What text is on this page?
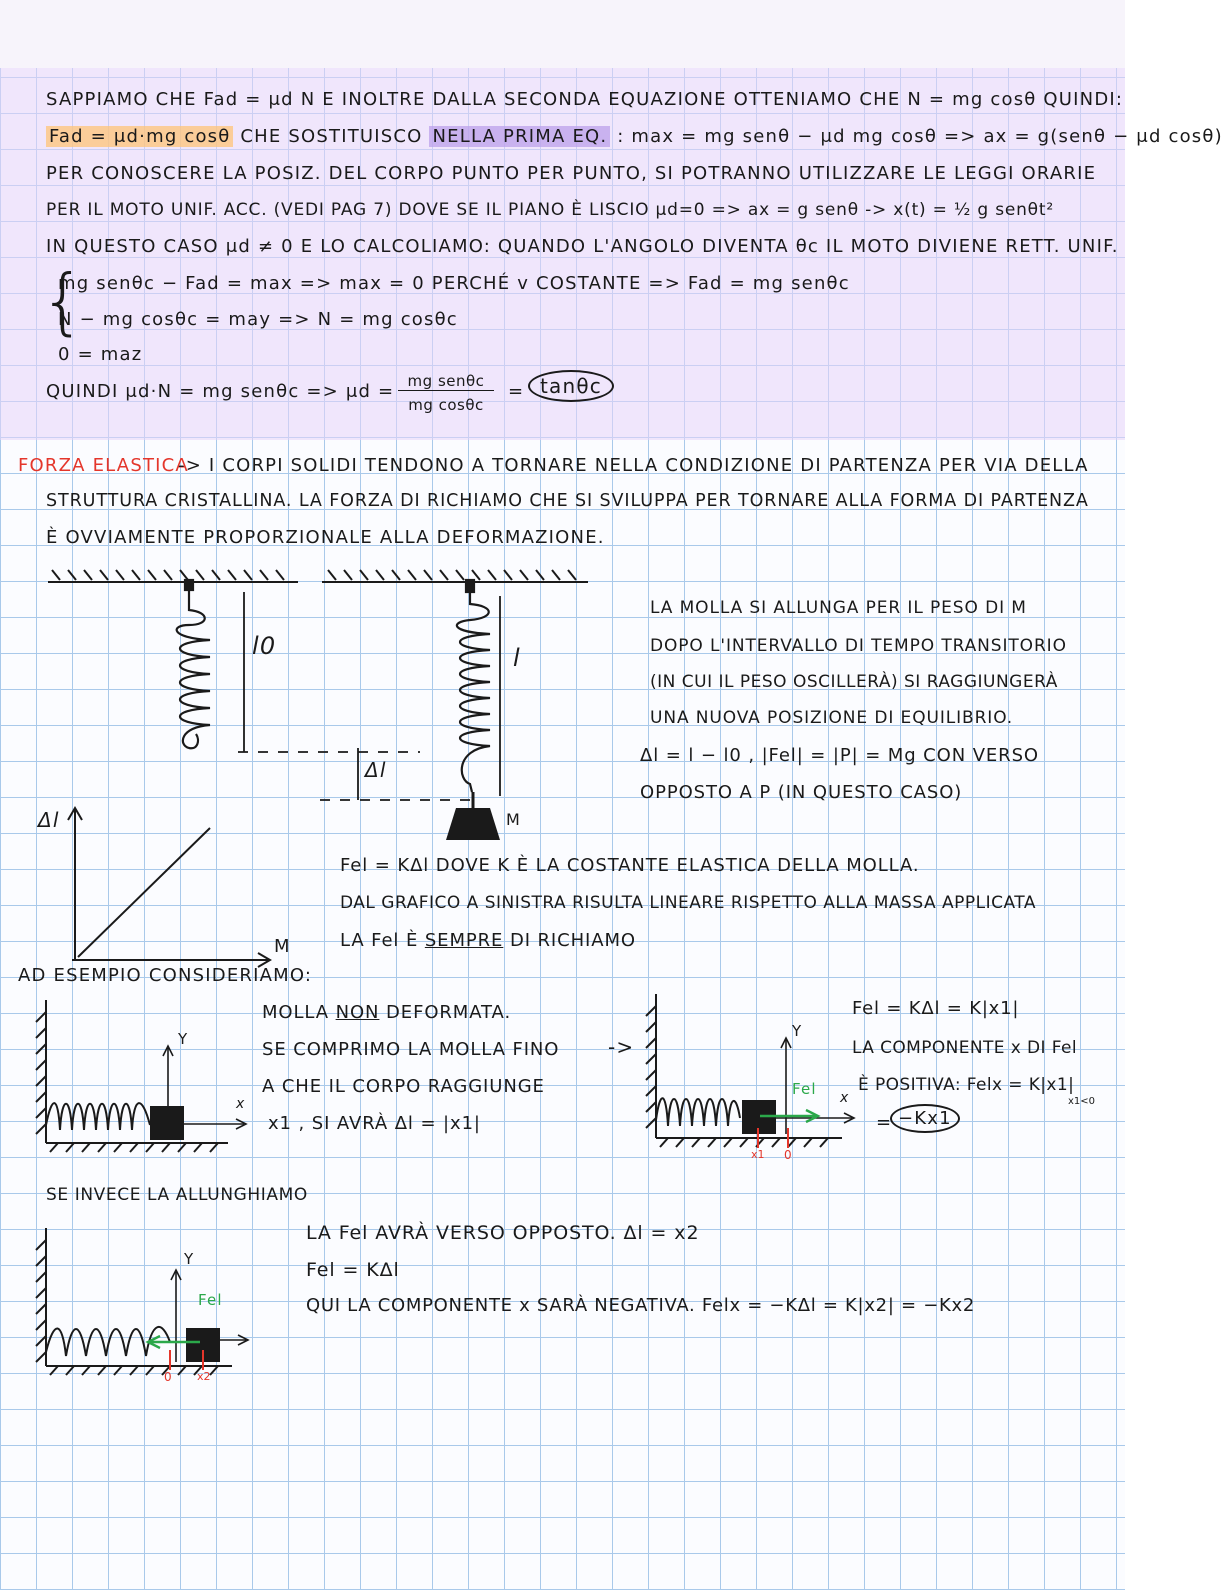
SAPPIAMO CHE Fad = μd N E INOLTRE DALLA SECONDA EQUAZIONE OTTENIAMO CHE N = mg cosθ QUINDI:
Fad = μd·mg cosθ CHE SOSTITUISCO NELLA PRIMA EQ. : max = mg senθ − μd mg cosθ => ax = g(senθ − μd cosθ)
PER CONOSCERE LA POSIZ. DEL CORPO PUNTO PER PUNTO, SI POTRANNO UTILIZZARE LE LEGGI ORARIE
PER IL MOTO UNIF. ACC. (VEDI PAG 7) DOVE SE IL PIANO È LISCIO μd=0 => ax = g senθ -> x(t) = ½ g senθt²
IN QUESTO CASO μd ≠ 0 E LO CALCOLIAMO: QUANDO L'ANGOLO DIVENTA θc IL MOTO DIVIENE RETT. UNIF.
{
mg senθc − Fad = max => max = 0 PERCHÉ v COSTANTE => Fad = mg senθc
N − mg cosθc = may => N = mg cosθc
0 = maz
QUINDI μd·N = mg senθc => μd = mg senθc
mg cosθc
= tanθc
FORZA ELASTICA
-> I CORPI SOLIDI TENDONO A TORNARE NELLA CONDIZIONE DI PARTENZA PER VIA DELLA
STRUTTURA CRISTALLINA. LA FORZA DI RICHIAMO CHE SI SVILUPPA PER TORNARE ALLA FORMA DI PARTENZA
È OVVIAMENTE PROPORZIONALE ALLA DEFORMAZIONE.
l0	l
Δl
M
LA MOLLA SI ALLUNGA PER IL PESO DI M
DOPO L'INTERVALLO DI TEMPO TRANSITORIO
(IN CUI IL PESO OSCILLERÀ) SI RAGGIUNGERÀ
UNA NUOVA POSIZIONE DI EQUILIBRIO.
Δl = l − l0 , |Fel| = |P| = Mg CON VERSO
OPPOSTO A P (IN QUESTO CASO)
Δl
M
Fel = KΔl DOVE K È LA COSTANTE ELASTICA DELLA MOLLA.
DAL GRAFICO A SINISTRA RISULTA LINEARE RISPETTO ALLA MASSA APPLICATA
LA Fel È SEMPRE DI RICHIAMO
AD ESEMPIO CONSIDERIAMO:
MOLLA NON DEFORMATA.
SE COMPRIMO LA MOLLA FINO
A CHE IL CORPO RAGGIUNGE
x1 , SI AVRÀ Δl = |x1|
->
Fel = KΔl = K|x1|
LA COMPONENTE x DI Fel
È POSITIVA: Felx = K|x1|
= −Kx1
x1<0
Y
x
Y
x
Fel
x1 0
SE INVECE LA ALLUNGHIAMO
LA Fel AVRÀ VERSO OPPOSTO. Δl = x2
Fel = KΔl
QUI LA COMPONENTE x SARÀ NEGATIVA. Felx = −KΔl = K|x2| = −Kx2
Y
Fel
0 x2
